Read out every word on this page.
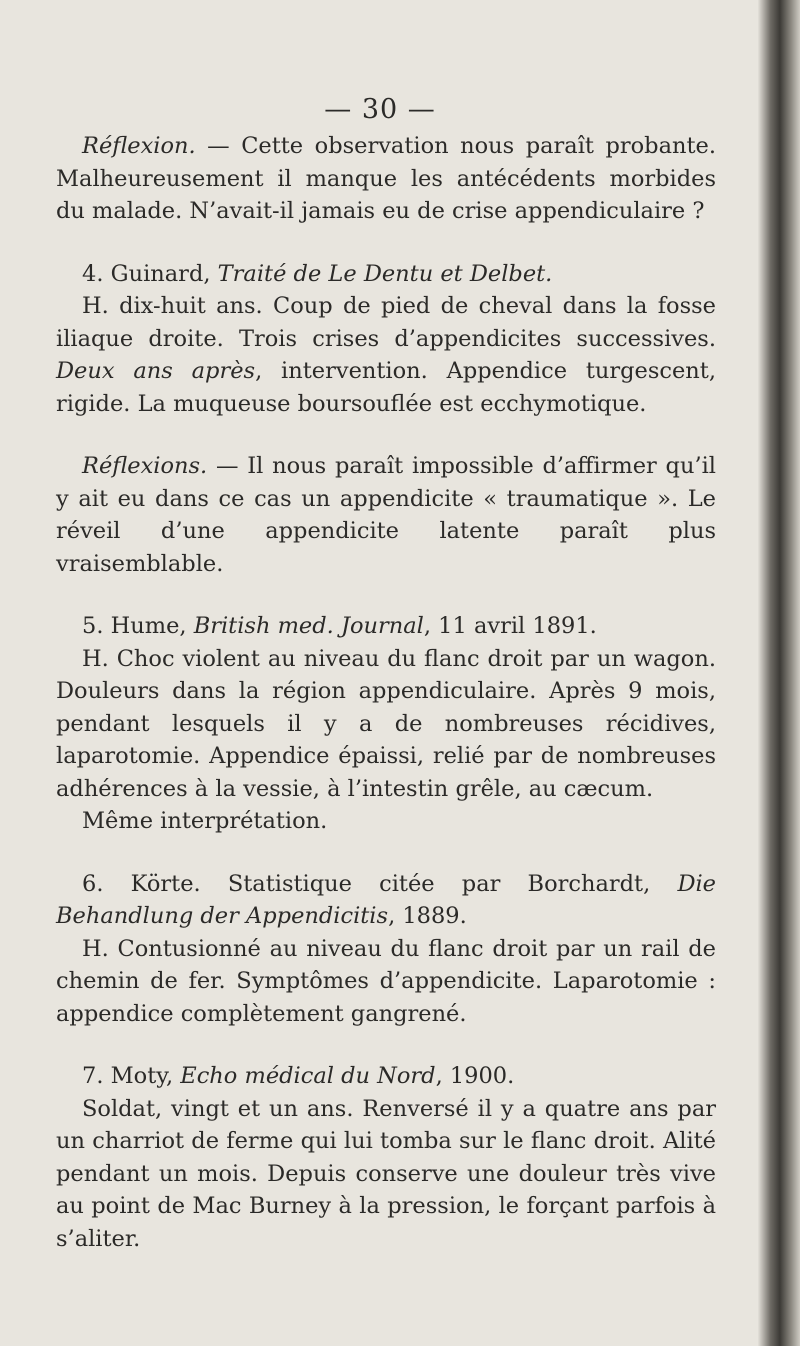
— 30 —

Réflexion. — Cette observation nous paraît probante. Malheureusement il manque les antécédents morbides du malade. N’avait-il jamais eu de crise appendiculaire ?

4. Guinard, Traité de Le Dentu et Delbet.

H. dix-huit ans. Coup de pied de cheval dans la fosse iliaque droite. Trois crises d’appendicites successives. Deux ans après, intervention. Appendice turgescent, rigide. La muqueuse boursouflée est ecchymotique.

Réflexions. — Il nous paraît impossible d’affirmer qu’il y ait eu dans ce cas un appendicite « traumatique ». Le réveil d’une appendicite latente paraît plus vraisemblable.

5. Hume, British med. Journal, 11 avril 1891.

H. Choc violent au niveau du flanc droit par un wagon. Douleurs dans la région appendiculaire. Après 9 mois, pendant lesquels il y a de nombreuses récidives, laparotomie. Appendice épaissi, relié par de nombreuses adhérences à la vessie, à l’intestin grêle, au cæcum.

Même interprétation.

6. Körte. Statistique citée par Borchardt, Die Behandlung der Appendicitis, 1889.

H. Contusionné au niveau du flanc droit par un rail de chemin de fer. Symptômes d’appendicite. Laparotomie : appendice complètement gangrené.

7. Moty, Echo médical du Nord, 1900.

Soldat, vingt et un ans. Renversé il y a quatre ans par un charriot de ferme qui lui tomba sur le flanc droit. Alité pendant un mois. Depuis conserve une douleur très vive au point de Mac Burney à la pression, le forçant parfois à s’aliter.
